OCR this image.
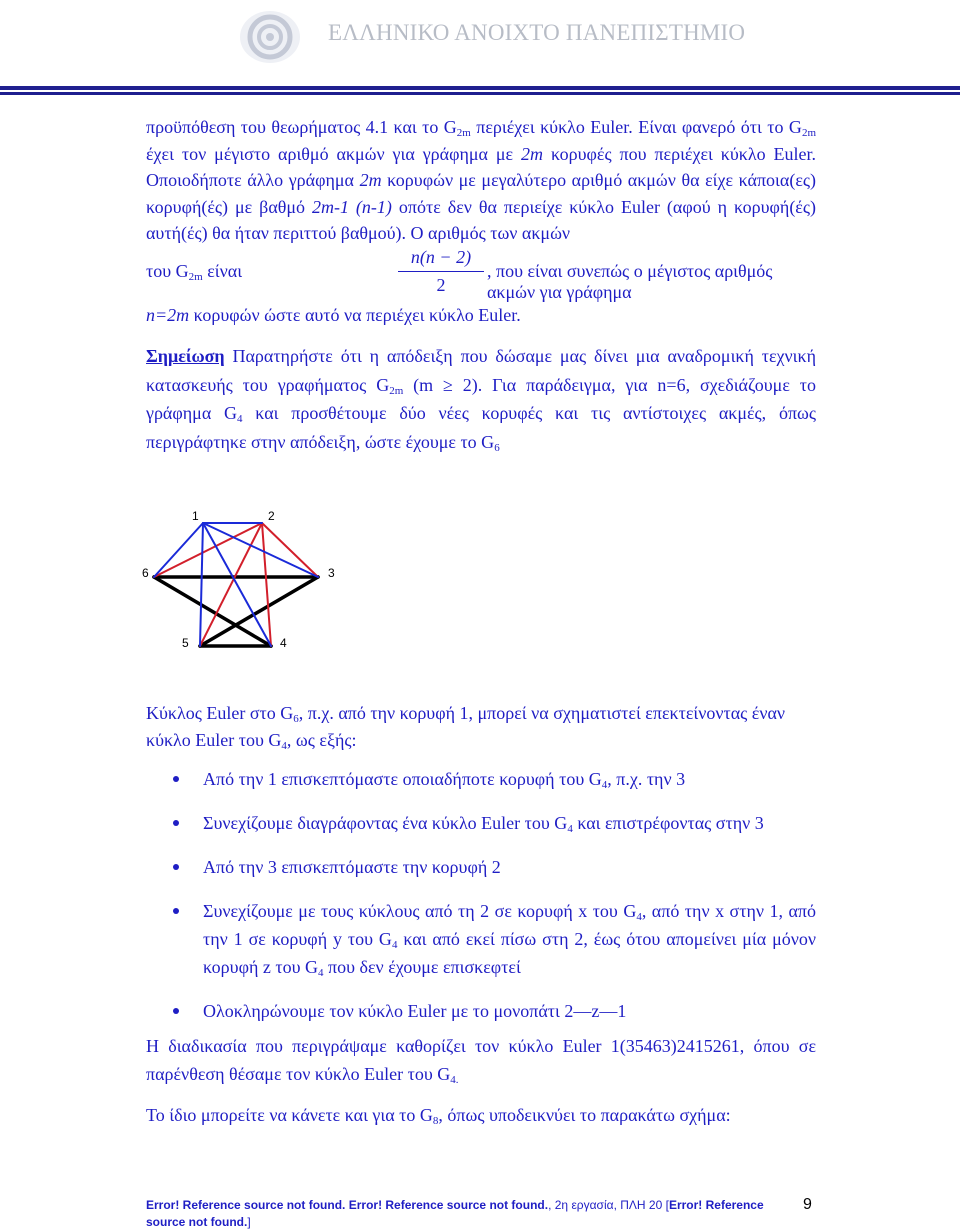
ΕΛΛΗΝΙΚΟ ΑΝΟΙΧΤΟ ΠΑΝΕΠΙΣΤΗΜΙΟ

προϋπόθεση του θεωρήματος 4.1 και το $G_{2m}$ περιέχει κύκλο Euler. Είναι φανερό ότι το $G_{2m}$ έχει τον μέγιστο αριθμό ακμών για γράφημα με 2m κορυφές που περιέχει κύκλο Euler. Οποιοδήποτε άλλο γράφημα 2m κορυφών με μεγαλύτερο αριθμό ακμών θα είχε κάποια(ες) κορυφή(ές) με βαθμό 2m-1 (n-1) οπότε δεν θα περιείχε κύκλο Euler (αφού η κορυφή(ές) αυτή(ές) θα ήταν περιττού βαθμού). Ο αριθμός των ακμών

του $G_{2m}$ είναι
n(n − 2)
2
, που είναι συνεπώς ο μέγιστος αριθμός ακμών για γράφημα

n=2m κορυφών ώστε αυτό να περιέχει κύκλο Euler.

Σημείωση Παρατηρήστε ότι η απόδειξη που δώσαμε μας δίνει μια αναδρομική τεχνική κατασκευής του γραφήματος $G_{2m}$ (m ≥ 2). Για παράδειγμα, για n=6, σχεδιάζουμε το γράφημα $G_4$ και προσθέτουμε δύο νέες κορυφές και τις αντίστοιχες ακμές, όπως περιγράφτηκε στην απόδειξη, ώστε έχουμε το $G_6$

1	2
3
4
5
6

Κύκλος Euler στο $G_6$, π.χ. από την κορυφή 1, μπορεί να σχηματιστεί επεκτείνοντας έναν κύκλο Euler του $G_4$, ως εξής:

Από την 1 επισκεπτόμαστε οποιαδήποτε κορυφή του $G_4$, π.χ. την 3
Συνεχίζουμε διαγράφοντας ένα κύκλο Euler του $G_4$ και επιστρέφοντας στην 3
Από την 3 επισκεπτόμαστε την κορυφή 2
Συνεχίζουμε με τους κύκλους από τη 2 σε κορυφή x του $G_4$, από την x στην 1, από την 1 σε κορυφή y του $G_4$ και από εκεί πίσω στη 2, έως ότου απομείνει μία μόνον κορυφή z του $G_4$ που δεν έχουμε επισκεφτεί
Ολοκληρώνουμε τον κύκλο Euler με το μονοπάτι 2—z—1

Η διαδικασία που περιγράψαμε καθορίζει τον κύκλο Euler 1(35463)2415261, όπου σε παρένθεση θέσαμε τον κύκλο Euler του $G_{4.}$

Το ίδιο μπορείτε να κάνετε και για το $G_8$, όπως υποδεικνύει το παρακάτω σχήμα:

Error! Reference source not found. Error! Reference source not found., 2η εργασία, ΠΛΗ 20 [Error! Reference source not found.]
9
